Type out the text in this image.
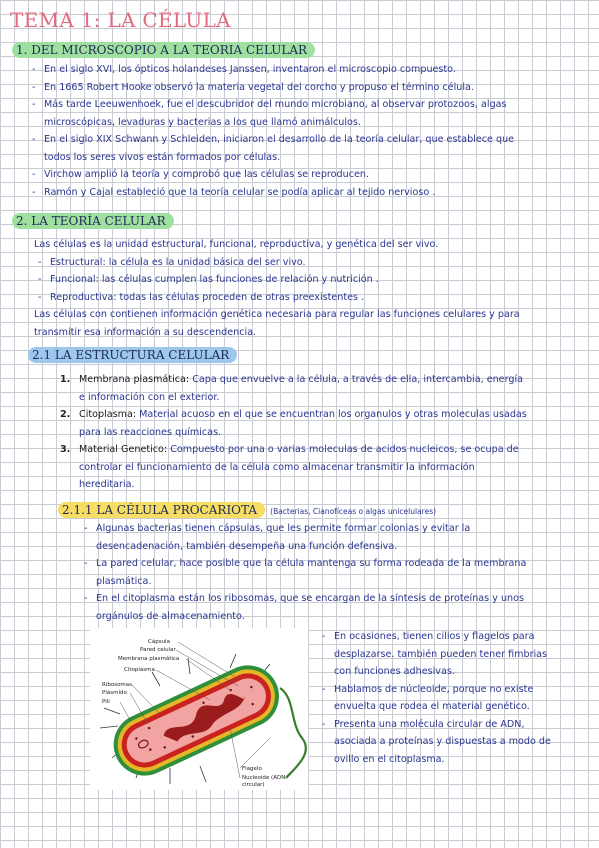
TEMA 1: LA CÉLULA
1. DEL MICROSCOPIO A LA TEORIA CELULAR
- En el siglo XVI, los ópticos holandeses Janssen, inventaron el microscopio compuesto.
- En 1665 Robert Hooke observó la materia vegetal del corcho y propuso el término célula.
- Más tarde Leeuwenhoek, fue el descubridor del mundo microbiano, al observar protozoos, algas
microscópicas, levaduras y bacterias a los que llamó animálculos.
- En el siglo XIX Schwann y Schleiden, iniciaron el desarrollo de la teoría celular, que establece que
todos los seres vivos están formados por células.
- Virchow amplió la teoría y comprobó que las células se reproducen.
- Ramón y Cajal estableció que la teoría celular se podía aplicar al tejido nervioso .
2. LA TEORÍA CELULAR
Las células es la unidad estructural, funcional, reproductiva, y genética del ser vivo.
- Estructural: la célula es la unidad básica del ser vivo.
- Funcional: las células cumplen las funciones de relación y nutrición .
- Reproductiva: todas las células proceden de otras preexistentes .
Las células con contienen información genética necesaria para regular las funciones celulares y para
transmitir esa información a su descendencia.
2.1 LA ESTRUCTURA CELULAR
1. Membrana plasmática: Capa que envuelve a la célula, a través de ella, intercambia, energía
e información con el exterior.
2. Citoplasma: Material acuoso en el que se encuentran los organulos y otras moleculas usadas
para las reacciones químicas.
3. Material Genetico: Compuesto por una o varias moleculas de acidos nucleicos, se ocupa de
controlar el funcionamiento de la célula como almacenar transmitir la información
hereditaria.
2.1.1 LA CÉLULA PROCARIOTA (Bacterias, Cianofíceas o algas unicelulares)
- Algunas bacterias tienen cápsulas, que les permite formar colonias y evitar la
desencadenación, también desempeña una función defensiva.
- La pared celular, hace posible que la célula mantenga su forma rodeada de la membrana
plasmática.
- En el citoplasma están los ribosomas, que se encargan de la síntesis de proteínas y unos
orgánulos de almacenamiento.
- En ocasiones, tienen cilios y flagelos para
desplazarse. también pueden tener fimbrias
con funciones adhesivas.
- Hablamos de núcleoide, porque no existe
envuelta que rodea el material genético.
- Presenta una molécula circular de ADN,
asociada a proteínas y dispuestas a modo de
ovillo en el citoplasma.
Cápsula
Pared celular
Membrana plasmática
Citoplasma
Ribosomas
Plásmido
Pili
Flagelo
Nucleoide (ADN
circular)
